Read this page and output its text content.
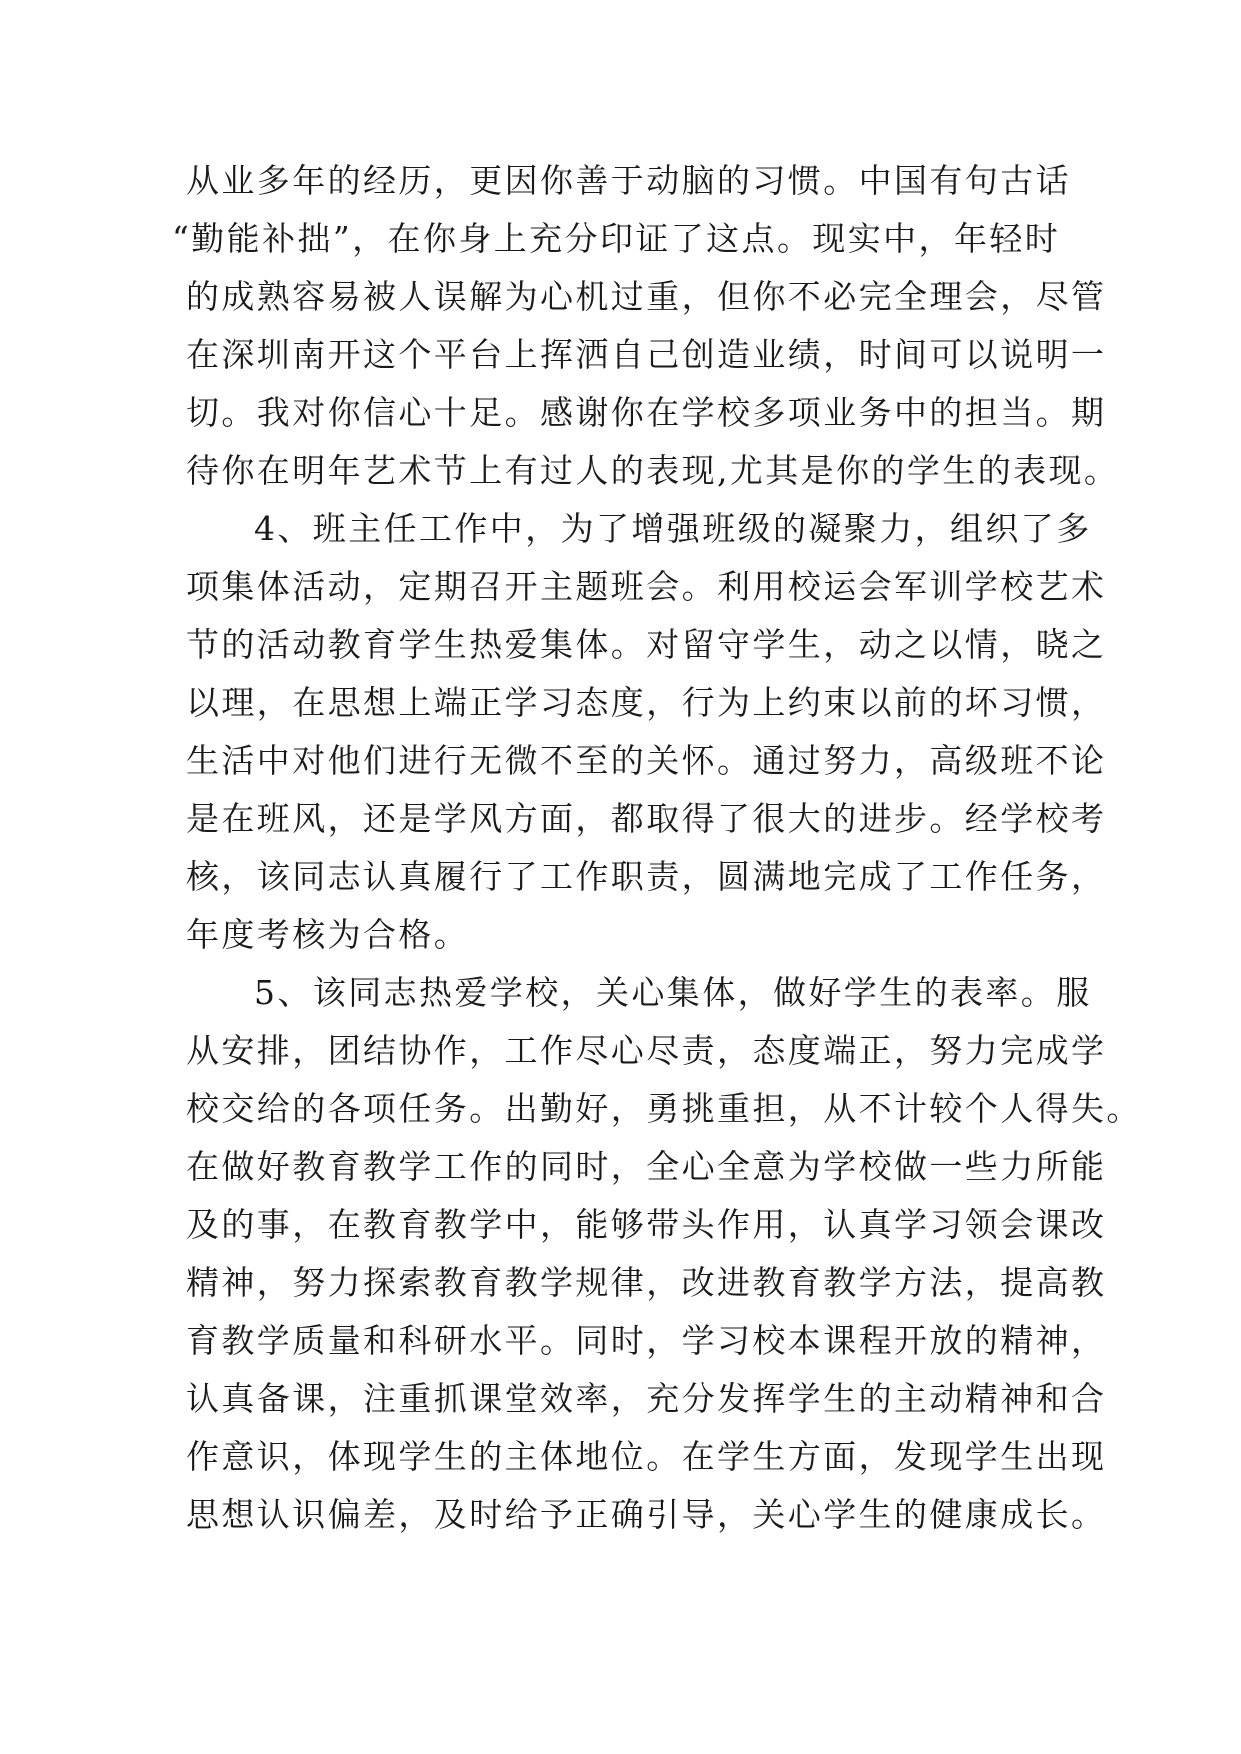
从业多年的经历，更因你善于动脑的习惯。中国有句古话
“勤能补拙”，在你身上充分印证了这点。现实中，年轻时
的成熟容易被人误解为心机过重，但你不必完全理会，尽管
在深圳南开这个平台上挥洒自己创造业绩，时间可以说明一
切。我对你信心十足。感谢你在学校多项业务中的担当。期
待你在明年艺术节上有过人的表现,尤其是你的学生的表现。
4、班主任工作中，为了增强班级的凝聚力，组织了多
项集体活动，定期召开主题班会。利用校运会军训学校艺术
节的活动教育学生热爱集体。对留守学生，动之以情，晓之
以理，在思想上端正学习态度，行为上约束以前的坏习惯，
生活中对他们进行无微不至的关怀。通过努力，高级班不论
是在班风，还是学风方面，都取得了很大的进步。经学校考
核，该同志认真履行了工作职责，圆满地完成了工作任务，
年度考核为合格。
5、该同志热爱学校，关心集体，做好学生的表率。服
从安排，团结协作，工作尽心尽责，态度端正，努力完成学
校交给的各项任务。出勤好，勇挑重担，从不计较个人得失。
在做好教育教学工作的同时，全心全意为学校做一些力所能
及的事，在教育教学中，能够带头作用，认真学习领会课改
精神，努力探索教育教学规律，改进教育教学方法，提高教
育教学质量和科研水平。同时，学习校本课程开放的精神，
认真备课，注重抓课堂效率，充分发挥学生的主动精神和合
作意识，体现学生的主体地位。在学生方面，发现学生出现
思想认识偏差，及时给予正确引导，关心学生的健康成长。
